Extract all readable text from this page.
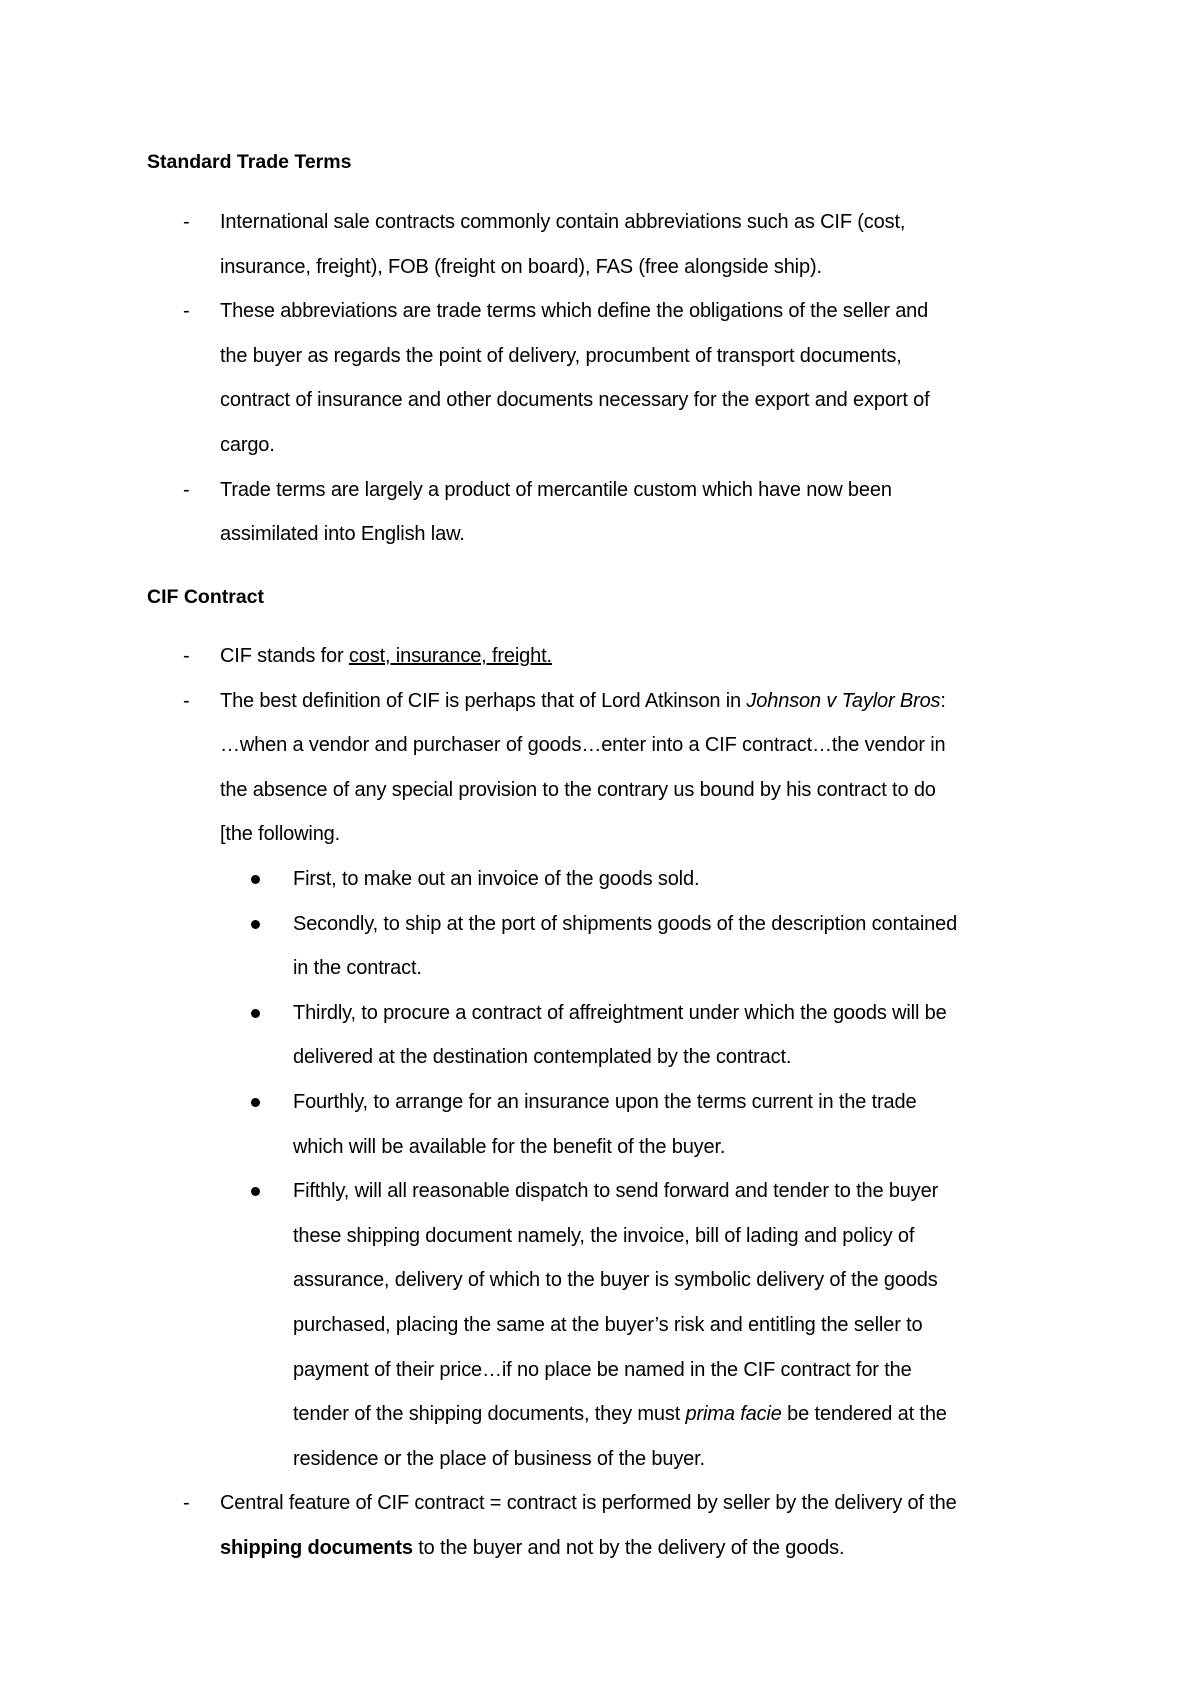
Standard Trade Terms
- International sale contracts commonly contain abbreviations such as CIF (cost,
insurance, freight), FOB (freight on board), FAS (free alongside ship).
- These abbreviations are trade terms which define the obligations of the seller and
the buyer as regards the point of delivery, procumbent of transport documents,
contract of insurance and other documents necessary for the export and export of
cargo.
- Trade terms are largely a product of mercantile custom which have now been
assimilated into English law.
CIF Contract
- CIF stands for cost, insurance, freight.
- The best definition of CIF is perhaps that of Lord Atkinson in Johnson v Taylor Bros:
…when a vendor and purchaser of goods…enter into a CIF contract…the vendor in
the absence of any special provision to the contrary us bound by his contract to do
[the following.
First, to make out an invoice of the goods sold.
Secondly, to ship at the port of shipments goods of the description contained
in the contract.
Thirdly, to procure a contract of affreightment under which the goods will be
delivered at the destination contemplated by the contract.
Fourthly, to arrange for an insurance upon the terms current in the trade
which will be available for the benefit of the buyer.
Fifthly, will all reasonable dispatch to send forward and tender to the buyer
these shipping document namely, the invoice, bill of lading and policy of
assurance, delivery of which to the buyer is symbolic delivery of the goods
purchased, placing the same at the buyer’s risk and entitling the seller to
payment of their price…if no place be named in the CIF contract for the
tender of the shipping documents, they must prima facie be tendered at the
residence or the place of business of the buyer.
- Central feature of CIF contract = contract is performed by seller by the delivery of the
shipping documents to the buyer and not by the delivery of the goods.
